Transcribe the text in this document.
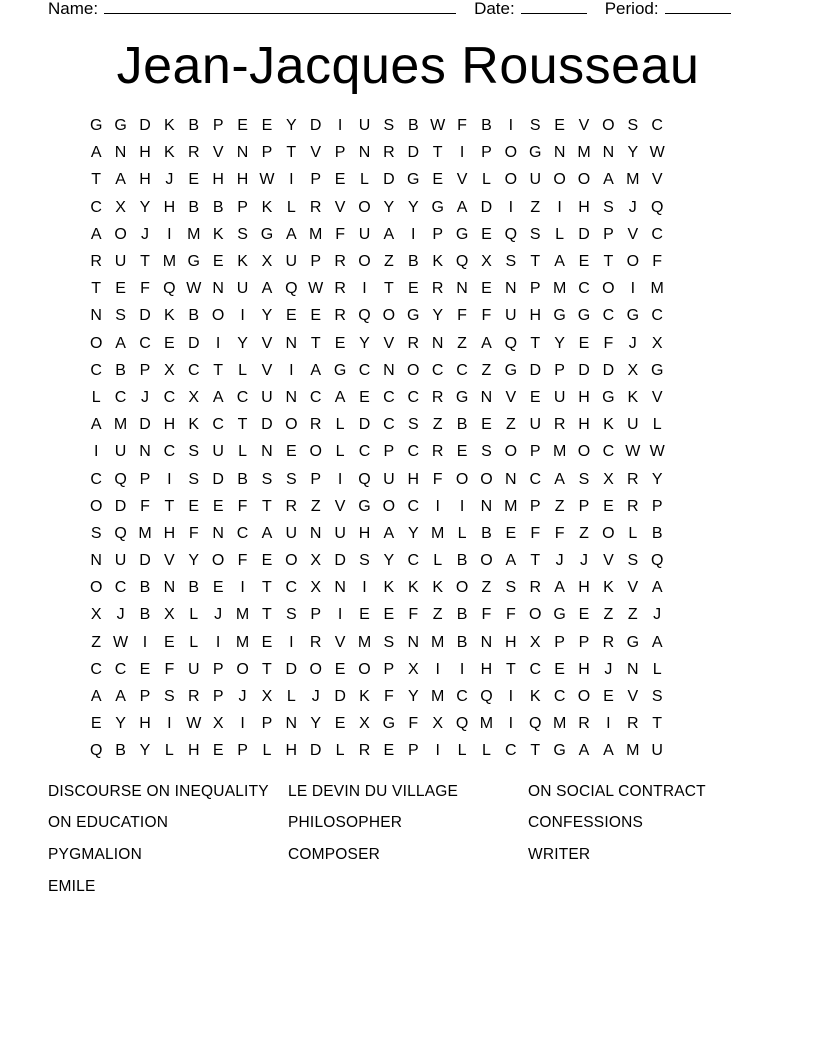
Name:	Date:	Period:
Jean-Jacques Rousseau
G G D K B P E E Y D	I	U S B W F B	I	S E V O S C
A N H K R V N P T V P N R D T	I	P O G N M N Y W
T A H J E H H W I	P E L D G E V L O U O O A M V
C X Y H B B P K L R V O Y Y G A D	I	Z	I	H S J Q
A O J	I M K S G A M F U A	I	P G E Q S L D P V C
R U T M G E K X U P R O Z B K Q X S T A E T O F
T E F Q W N U A Q W R	I	T E R N E N P M C O I M
N S D K B O I	Y E E R Q O G Y F F U H G G C G C
O A C E D	I	Y V N T E Y V R N Z A Q T Y E F J X
C B P X C T L V	I	A G C N O C C Z G D P D D X G
L C J C X A C U N C A E C C R G N V E U H G K V
A M D H K C T D O R L D C S Z B E Z U R H K U L
I	U N C S U L N E O L C P C R E S O P M O C W W
C Q P	I	S D B S S P	I Q U H F O O N C A S X R Y
O D F T E E F T R Z V G O C	I	I	N M P Z P E R P
S Q M H F N C A U N U H A Y M L B E F F Z O L B
N U D V Y O F E O X D S Y C L B O A T J	J V S Q
O C B N B E	I	T C X N	I	K K K O Z S R A H K V A
X J B X L J M T S P	I	E E F Z B F F O G E Z Z J
Z W I	E L	I M E	I	R V M S N M B N H X P P R G A
C C E F U P O T D O E O P X	I	I	H T C E H J N L
A A P S R P J X L J D K F Y M C Q I	K C O E V S
E Y H	I W X	I	P N Y E X G F X Q M I Q M R	I	R T
Q B Y L H E P L H D L R E P	I	L L C T G A A M U
DISCOURSE ON INEQUALITY	LE DEVIN DU VILLAGE	ON SOCIAL CONTRACT
ON EDUCATION	PHILOSOPHER	CONFESSIONS
PYGMALION	COMPOSER	WRITER
EMILE
